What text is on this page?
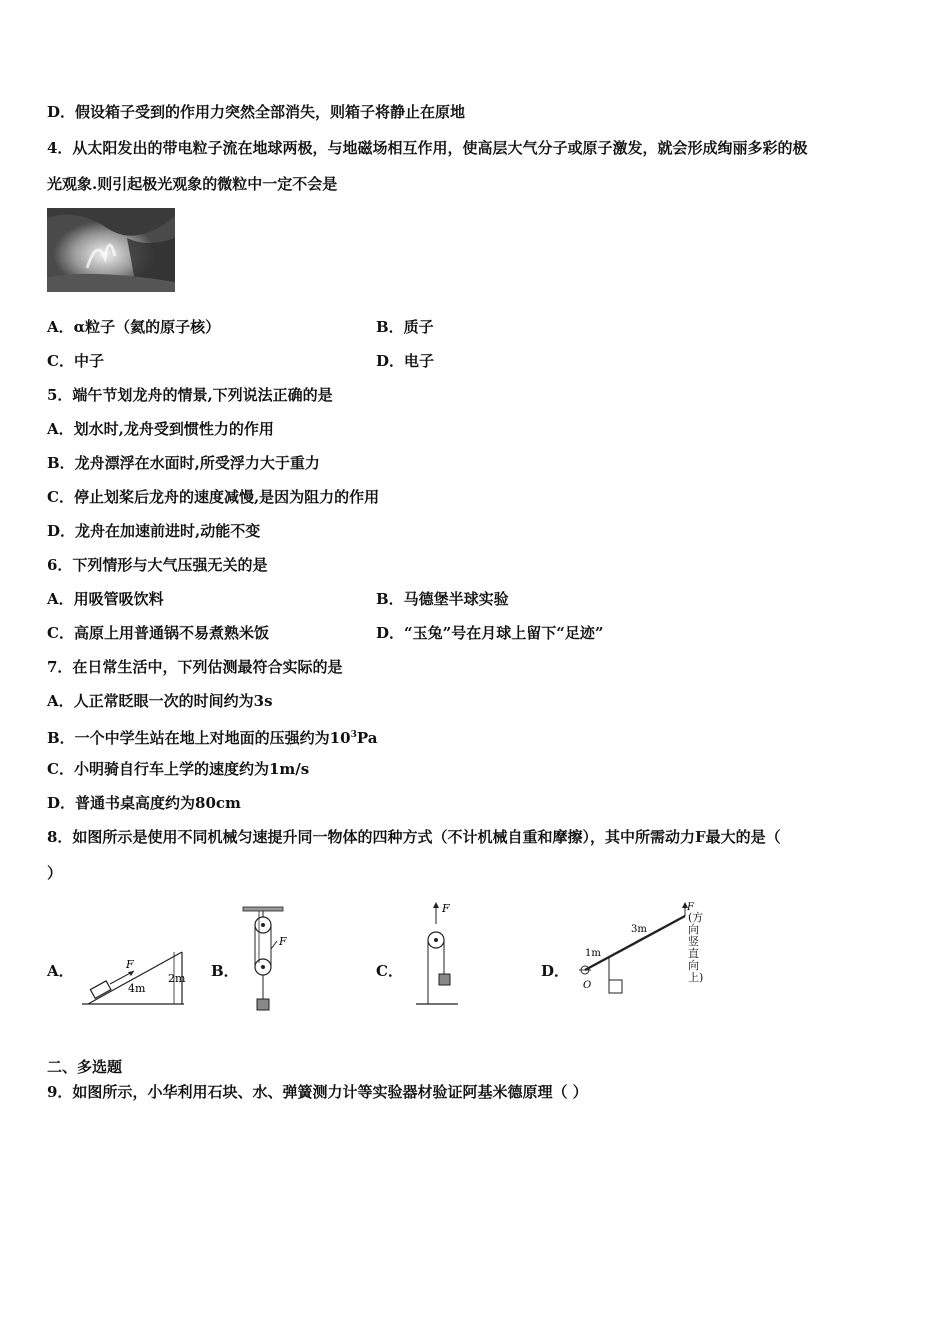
D．假设箱子受到的作用力突然全部消失，则箱子将静止在原地
4．从太阳发出的带电粒子流在地球两极，与地磁场相互作用，使高层大气分子或原子激发，就会形成绚丽多彩的极
光观象.则引起极光观象的微粒中一定不会是
A．α粒子（氦的原子核）	B．质子
C．中子	D．电子
5．端午节划龙舟的情景,下列说法正确的是
A．划水时,龙舟受到惯性力的作用
B．龙舟漂浮在水面时,所受浮力大于重力
C．停止划桨后龙舟的速度减慢,是因为阻力的作用
D．龙舟在加速前进时,动能不变
6．下列情形与大气压强无关的是
A．用吸管吸饮料	B．马德堡半球实验
C．高原上用普通锅不易煮熟米饭	D．“玉兔”号在月球上留下“足迹”
7．在日常生活中，下列估测最符合实际的是
A．人正常眨眼一次的时间约为3s
B．一个中学生站在地上对地面的压强约为$10^3Pa$
C．小明骑自行车上学的速度约为1m/s
D．普通书桌高度约为80cm
8．如图所示是使用不同机械匀速提升同一物体的四种方式（不计机械自重和摩擦），其中所需动力F最大的是（
）
A．	B．	C．	D．
F
4m
2m
F
F
O
1m
3m
F
(方向竖直向上)
二、多选题
9．如图所示，小华利用石块、水、弹簧测力计等实验器材验证阿基米德原理（ ）
